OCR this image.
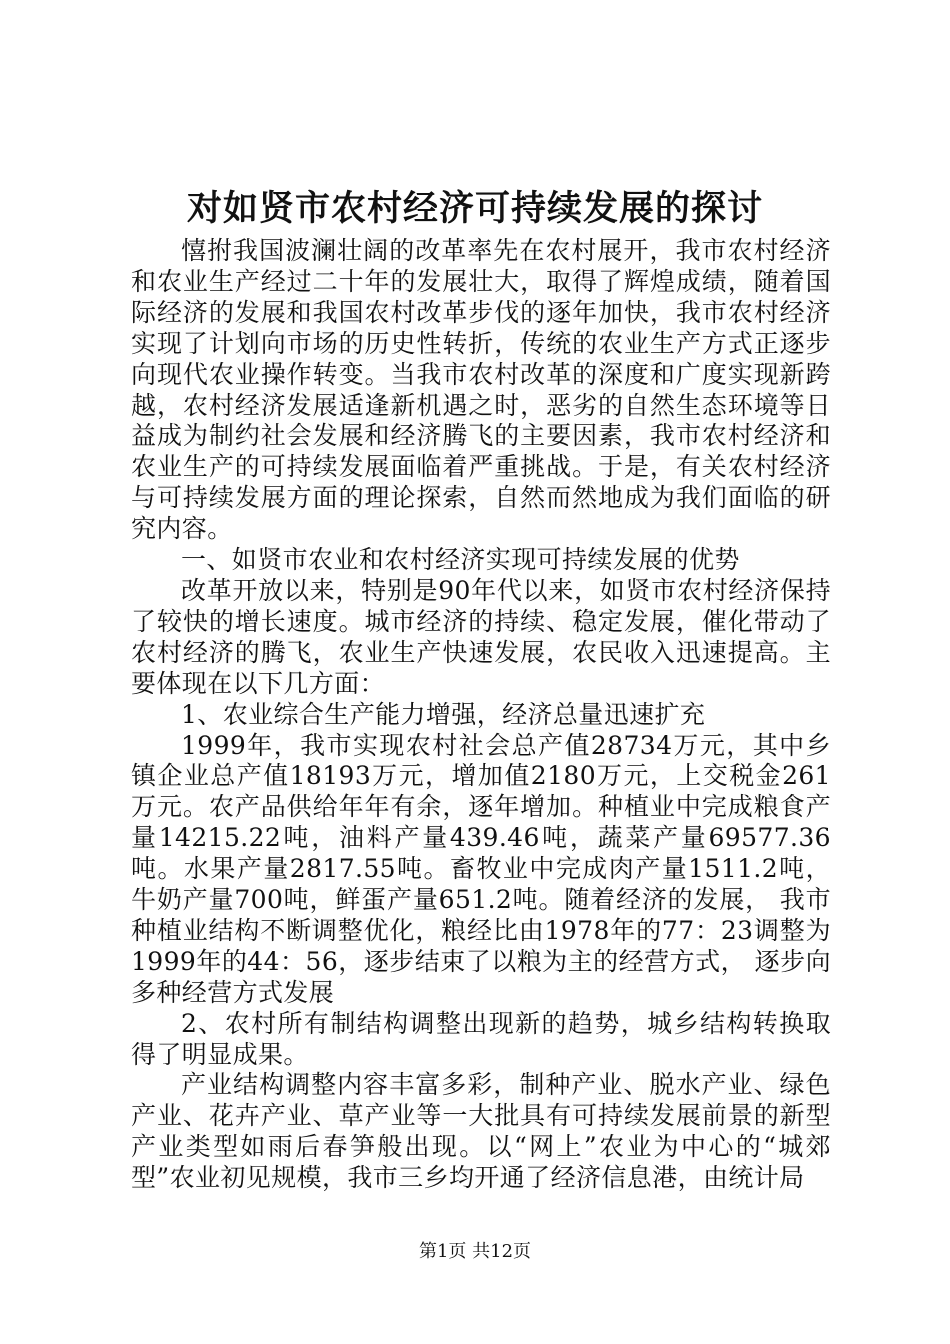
对如贤市农村经济可持续发展的探讨

憘拊我国波澜壮阔的改革率先在农村展开，我市农村经济和农业生产经过二十年的发展壮大，取得了辉煌成绩，随着国际经济的发展和我国农村改革步伐的逐年加快，我市农村经济实现了计划向市场的历史性转折，传统的农业生产方式正逐步向现代农业操作转变。当我市农村改革的深度和广度实现新跨越，农村经济发展适逢新机遇之时，恶劣的自然生态环境等日益成为制约社会发展和经济腾飞的主要因素，我市农村经济和农业生产的可持续发展面临着严重挑战。于是，有关农村经济与可持续发展方面的理论探索，自然而然地成为我们面临的研究内容。

一、如贤市农业和农村经济实现可持续发展的优势

改革开放以来，特别是90年代以来，如贤市农村经济保持了较快的增长速度。城市经济的持续、稳定发展，催化带动了农村经济的腾飞，农业生产快速发展，农民收入迅速提高。主要体现在以下几方面：

1、农业综合生产能力增强，经济总量迅速扩充

1999年，我市实现农村社会总产值28734万元，其中乡镇企业总产值18193万元，增加值2180万元，上交税金261万元。农产品供给年年有余，逐年增加。种植业中完成粮食产量14215.22吨，油料产量439.46吨，蔬菜产量69577.36吨。水果产量2817.55吨。畜牧业中完成肉产量1511.2吨，牛奶产量700吨，鲜蛋产量651.2吨。随着经济的发展， 我市种植业结构不断调整优化，粮经比由1978年的77：23调整为1999年的44：56，逐步结束了以粮为主的经营方式， 逐步向多种经营方式发展

2、农村所有制结构调整出现新的趋势，城乡结构转换取得了明显成果。

产业结构调整内容丰富多彩，制种产业、脱水产业、绿色产业、花卉产业、草产业等一大批具有可持续发展前景的新型产业类型如雨后春笋般出现。以“网上”农业为中心的“城郊型”农业初见规模，我市三乡均开通了经济信息港，由统计局

第1页 共12页
